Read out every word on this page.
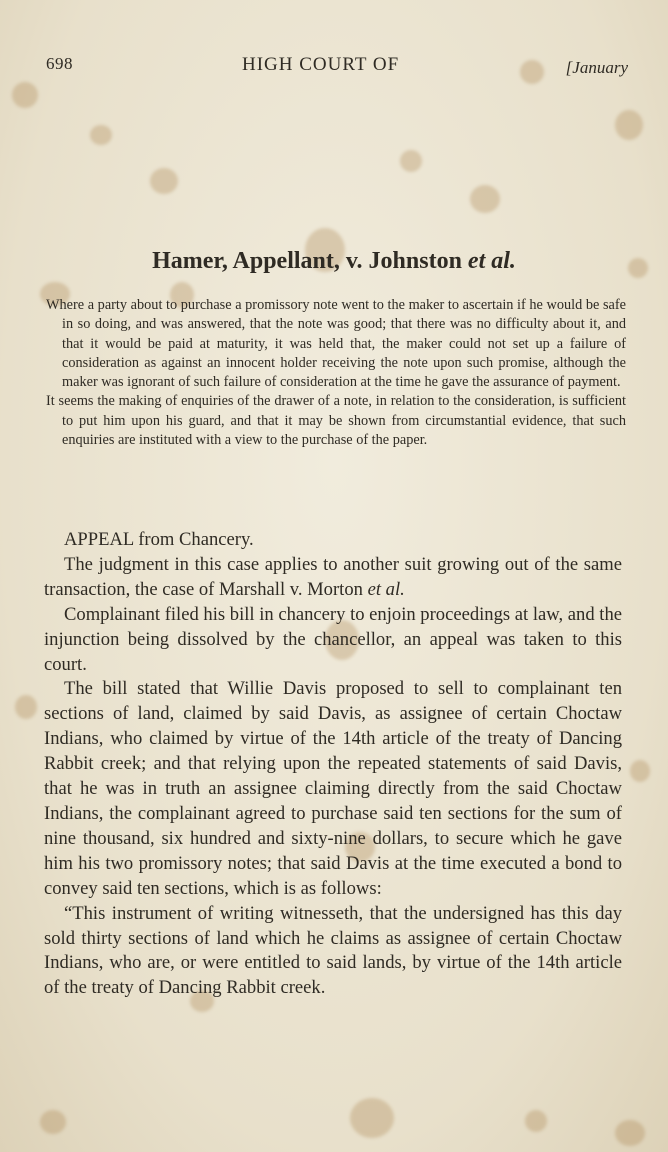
698	HIGH COURT OF	[January
Hamer, Appellant, v. Johnston et al.

Where a party about to purchase a promissory note went to the maker to ascertain if he would be safe in so doing, and was answered, that the note was good; that there was no difficulty about it, and that it would be paid at maturity, it was held that, the maker could not set up a failure of consideration as against an innocent holder receiving the note upon such promise, although the maker was ignorant of such failure of consideration at the time he gave the assurance of payment.

It seems the making of enquiries of the drawer of a note, in relation to the consideration, is sufficient to put him upon his guard, and that it may be shown from circumstantial evidence, that such enquiries are instituted with a view to the purchase of the paper.

APPEAL from Chancery.

The judgment in this case applies to another suit growing out of the same transaction, the case of Marshall v. Morton et al.

Complainant filed his bill in chancery to enjoin proceedings at law, and the injunction being dissolved by the chancellor, an appeal was taken to this court.

The bill stated that Willie Davis proposed to sell to complainant ten sections of land, claimed by said Davis, as assignee of certain Choctaw Indians, who claimed by virtue of the 14th article of the treaty of Dancing Rabbit creek; and that relying upon the repeated statements of said Davis, that he was in truth an assignee claiming directly from the said Choctaw Indians, the complainant agreed to purchase said ten sections for the sum of nine thousand, six hundred and sixty-nine dollars, to secure which he gave him his two promissory notes; that said Davis at the time executed a bond to convey said ten sections, which is as follows:

“This instrument of writing witnesseth, that the undersigned has this day sold thirty sections of land which he claims as assignee of certain Choctaw Indians, who are, or were entitled to said lands, by virtue of the 14th article of the treaty of Dancing Rabbit creek.
